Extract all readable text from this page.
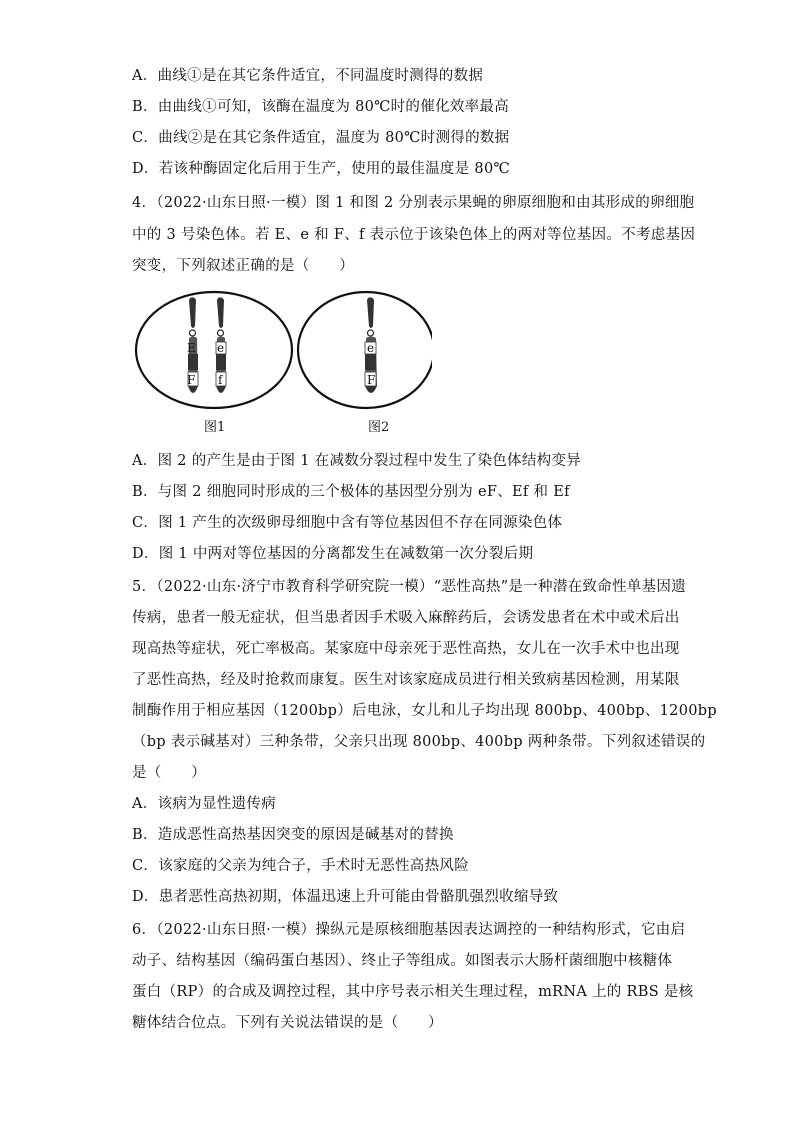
A．曲线①是在其它条件适宜，不同温度时测得的数据
B．由曲线①可知，该酶在温度为 80℃时的催化效率最高
C．曲线②是在其它条件适宜，温度为 80℃时测得的数据
D．若该种酶固定化后用于生产，使用的最佳温度是 80℃
4．（2022·山东日照·一模）图 1 和图 2 分别表示果蝇的卵原细胞和由其形成的卵细胞
中的 3 号染色体。若 E、e 和 F、f 表示位于该染色体上的两对等位基因。不考虑基因
突变，下列叙述正确的是（　　）
E
F
e
f
e
F
图1	图2
A．图 2 的产生是由于图 1 在减数分裂过程中发生了染色体结构变异
B．与图 2 细胞同时形成的三个极体的基因型分别为 eF、Ef 和 Ef
C．图 1 产生的次级卵母细胞中含有等位基因但不存在同源染色体
D．图 1 中两对等位基因的分离都发生在减数第一次分裂后期
5．（2022·山东·济宁市教育科学研究院一模）“恶性高热”是一种潜在致命性单基因遗
传病，患者一般无症状，但当患者因手术吸入麻醉药后，会诱发患者在术中或术后出
现高热等症状，死亡率极高。某家庭中母亲死于恶性高热，女儿在一次手术中也出现
了恶性高热，经及时抢救而康复。医生对该家庭成员进行相关致病基因检测，用某限
制酶作用于相应基因（1200bp）后电泳，女儿和儿子均出现 800bp、400bp、1200bp
（bp 表示碱基对）三种条带，父亲只出现 800bp、400bp 两种条带。下列叙述错误的
是（　　）
A．该病为显性遗传病
B．造成恶性高热基因突变的原因是碱基对的替换
C．该家庭的父亲为纯合子，手术时无恶性高热风险
D．患者恶性高热初期，体温迅速上升可能由骨骼肌强烈收缩导致
6．（2022·山东日照·一模）操纵元是原核细胞基因表达调控的一种结构形式，它由启
动子、结构基因（编码蛋白基因）、终止子等组成。如图表示大肠杆菌细胞中核糖体
蛋白（RP）的合成及调控过程，其中序号表示相关生理过程，mRNA 上的 RBS 是核
糖体结合位点。下列有关说法错误的是（　　）
